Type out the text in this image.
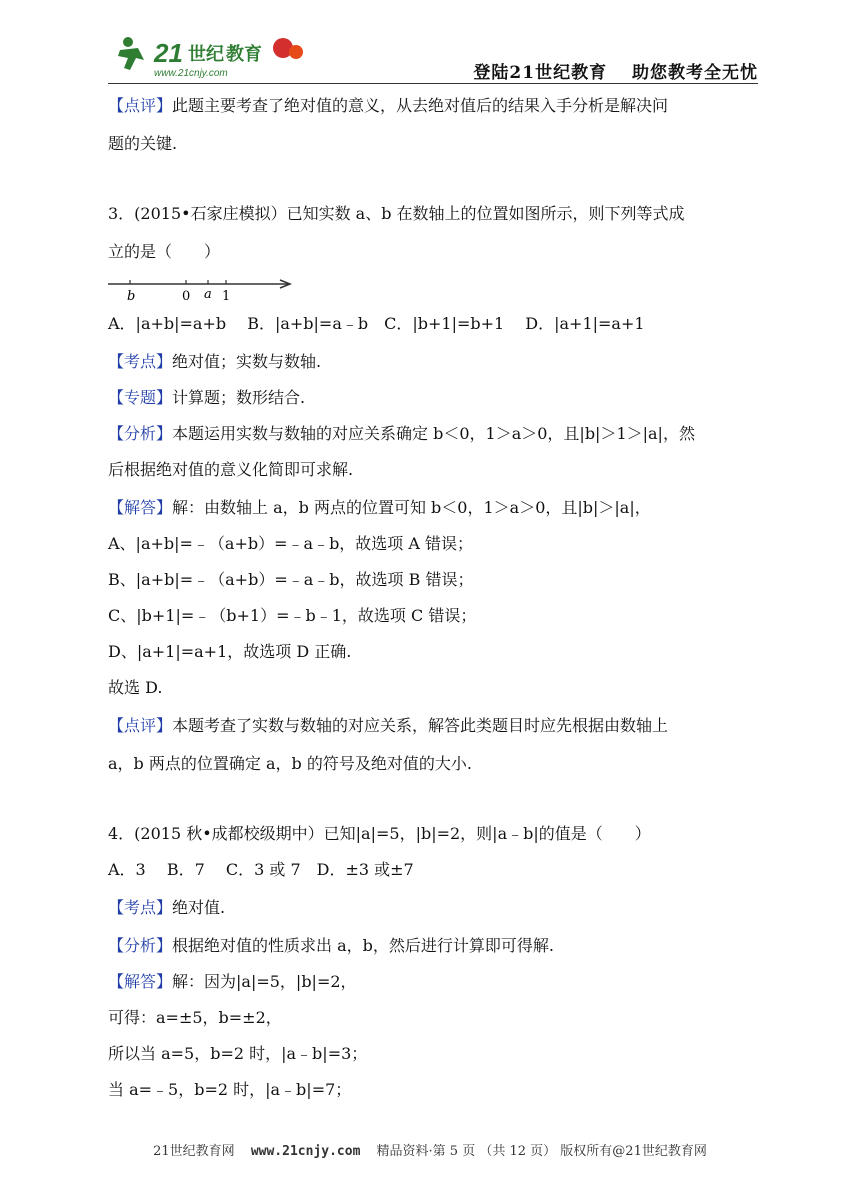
21 世纪 教育
www.21cnjy.com	登陆21世纪教育 助您教考全无忧
【点评】此题主要考查了绝对值的意义，从去绝对值后的结果入手分析是解决问
题的关键.
3．(2015•石家庄模拟）已知实数 a、b 在数轴上的位置如图所示，则下列等式成
立的是（　　）
b	0 a 1
A．|a+b|=a+b　 B．|a+b|=a﹣b　C．|b+1|=b+1　 D．|a+1|=a+1
【考点】绝对值；实数与数轴.
【专题】计算题；数形结合.
【分析】本题运用实数与数轴的对应关系确定 b＜0，1＞a＞0，且|b|＞1＞|a|，然
后根据绝对值的意义化简即可求解.
【解答】解：由数轴上 a，b 两点的位置可知 b＜0，1＞a＞0，且|b|＞|a|，
A、|a+b|=﹣（a+b）=﹣a﹣b，故选项 A 错误；
B、|a+b|=﹣（a+b）=﹣a﹣b，故选项 B 错误；
C、|b+1|=﹣（b+1）=﹣b﹣1，故选项 C 错误；
D、|a+1|=a+1，故选项 D 正确.
故选 D.
【点评】本题考查了实数与数轴的对应关系，解答此类题目时应先根据由数轴上
a，b 两点的位置确定 a，b 的符号及绝对值的大小.
4．(2015 秋•成都校级期中）已知|a|=5，|b|=2，则|a﹣b|的值是（　　）
A．3　 B．7　 C．3 或 7　D．±3 或±7
【考点】绝对值.
【分析】根据绝对值的性质求出 a，b，然后进行计算即可得解.
【解答】解：因为|a|=5，|b|=2，
可得：a=±5，b=±2，
所以当 a=5，b=2 时，|a﹣b|=3；
当 a=﹣5，b=2 时，|a﹣b|=7；
21世纪教育网 www.21cnjy.com 精品资料·第 5 页 （共 12 页） 版权所有@21世纪教育网
